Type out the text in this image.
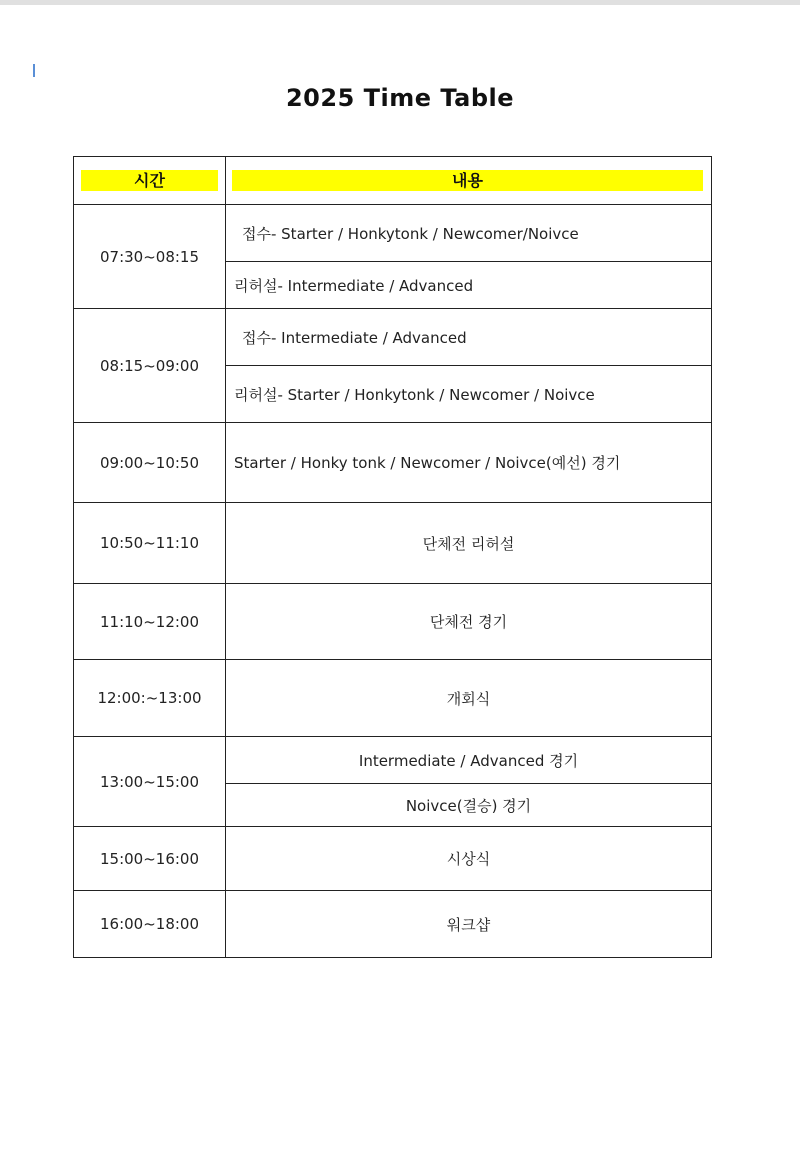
2025 Time Table
시간	내용

07:30~08:15	접수- Starter / Honkytonk / Newcomer/Noivce
	리허설- Intermediate / Advanced
08:15~09:00	접수- Intermediate / Advanced
	리허설- Starter / Honkytonk / Newcomer / Noivce
09:00~10:50	Starter / Honky tonk / Newcomer / Noivce(예선) 경기
10:50~11:10	단체전 리허설
11:10~12:00	단체전 경기
12:00:~13:00	개회식
13:00~15:00	Intermediate / Advanced 경기
	Noivce(결승) 경기
15:00~16:00	시상식
16:00~18:00	워크샵
